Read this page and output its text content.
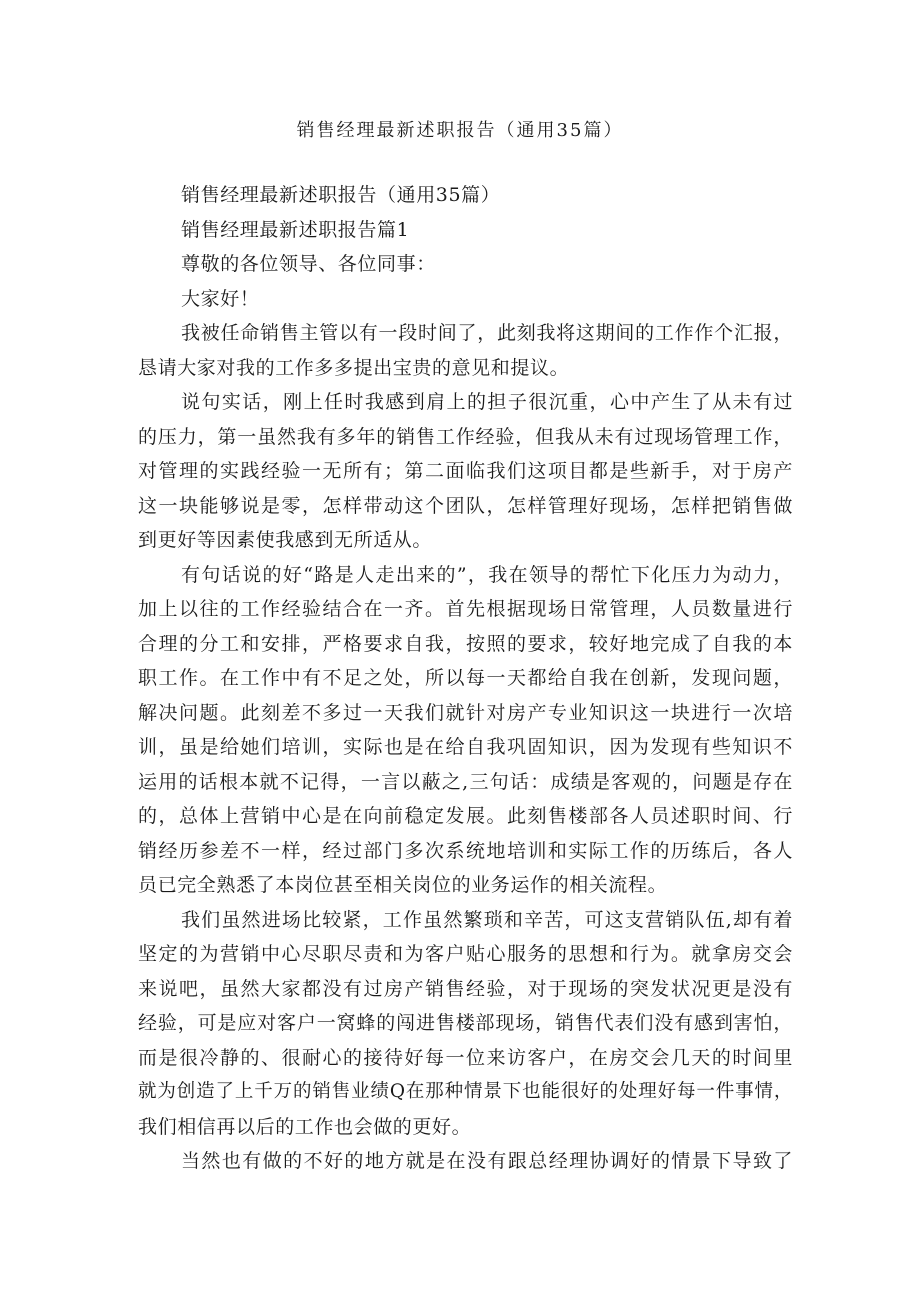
销售经理最新述职报告（通用35篇）

销售经理最新述职报告（通用35篇）

销售经理最新述职报告篇1

尊敬的各位领导、各位同事：

大家好！

我被任命销售主管以有一段时间了，此刻我将这期间的工作作个汇报，

恳请大家对我的工作多多提出宝贵的意见和提议。

说句实话，刚上任时我感到肩上的担子很沉重，心中产生了从未有过

的压力，第一虽然我有多年的销售工作经验，但我从未有过现场管理工作，

对管理的实践经验一无所有；第二面临我们这项目都是些新手，对于房产

这一块能够说是零，怎样带动这个团队，怎样管理好现场，怎样把销售做

到更好等因素使我感到无所适从。

有句话说的好“路是人走出来的”，我在领导的帮忙下化压力为动力，

加上以往的工作经验结合在一齐。首先根据现场日常管理，人员数量进行

合理的分工和安排，严格要求自我，按照的要求，较好地完成了自我的本

职工作。在工作中有不足之处，所以每一天都给自我在创新，发现问题，

解决问题。此刻差不多过一天我们就针对房产专业知识这一块进行一次培

训，虽是给她们培训，实际也是在给自我巩固知识，因为发现有些知识不

运用的话根本就不记得，一言以蔽之,三句话：成绩是客观的，问题是存在

的，总体上营销中心是在向前稳定发展。此刻售楼部各人员述职时间、行

销经历参差不一样，经过部门多次系统地培训和实际工作的历练后，各人

员已完全熟悉了本岗位甚至相关岗位的业务运作的相关流程。

我们虽然进场比较紧，工作虽然繁琐和辛苦，可这支营销队伍,却有着

坚定的为营销中心尽职尽责和为客户贴心服务的思想和行为。就拿房交会

来说吧，虽然大家都没有过房产销售经验，对于现场的突发状况更是没有

经验，可是应对客户一窝蜂的闯进售楼部现场，销售代表们没有感到害怕，

而是很冷静的、很耐心的接待好每一位来访客户，在房交会几天的时间里

就为创造了上千万的销售业绩Q在那种情景下也能很好的处理好每一件事情，

我们相信再以后的工作也会做的更好。

当然也有做的不好的地方就是在没有跟总经理协调好的情景下导致了
